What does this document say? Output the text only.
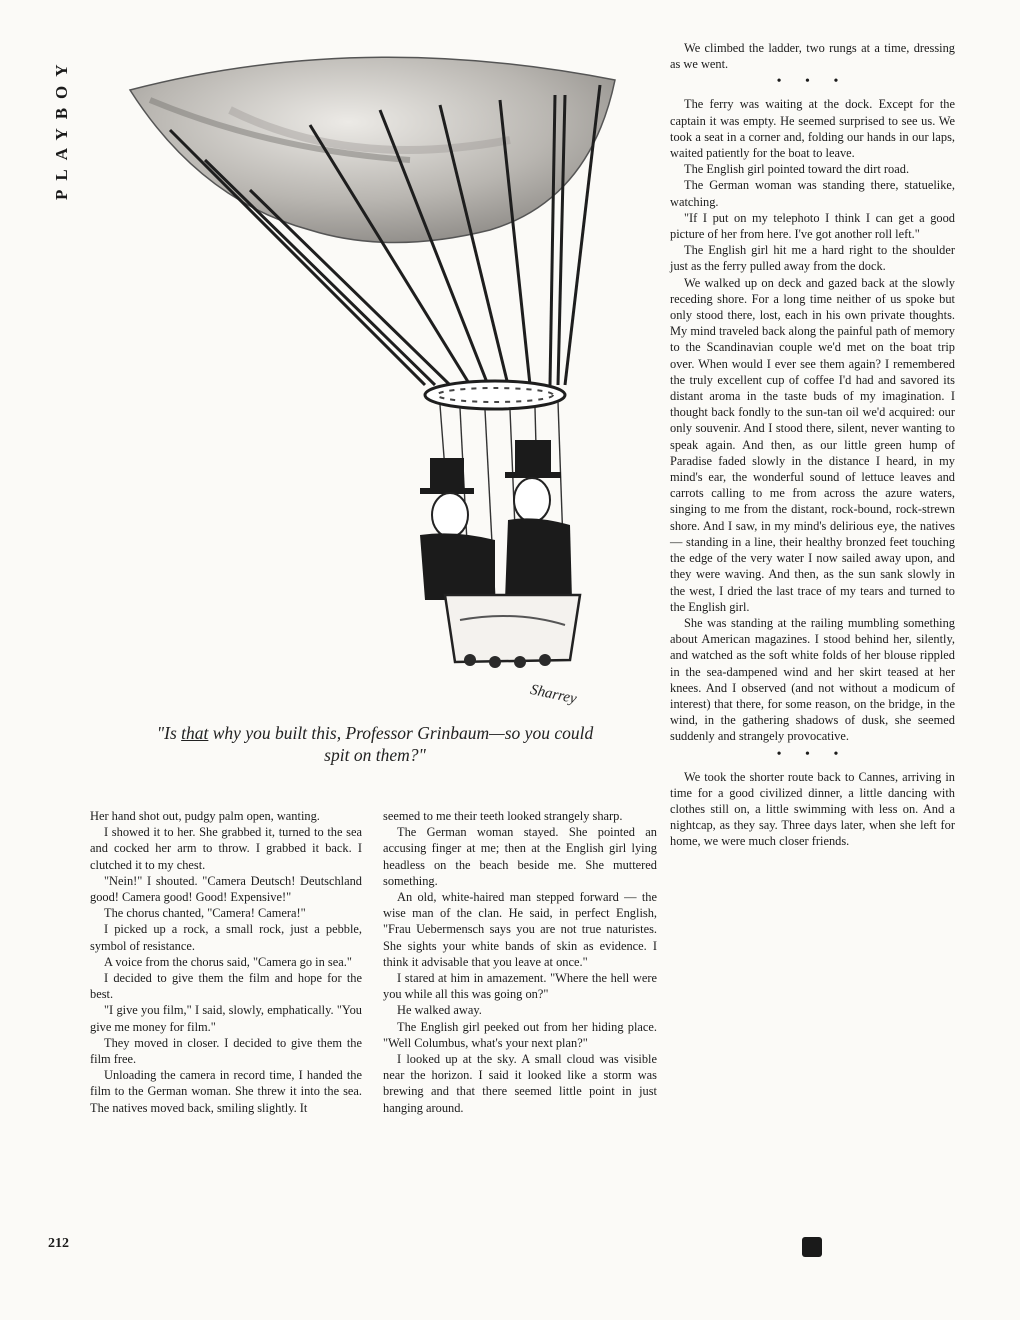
PLAYBOY
Sharrey
"Is that why you built this, Professor Grinbaum—so you could spit on them?"

Her hand shot out, pudgy palm open, wanting.

I showed it to her. She grabbed it, turned to the sea and cocked her arm to throw. I grabbed it back. I clutched it to my chest.

"Nein!" I shouted. "Camera Deutsch! Deutschland good! Camera good! Good! Expensive!"

The chorus chanted, "Camera! Camera!"

I picked up a rock, a small rock, just a pebble, symbol of resistance.

A voice from the chorus said, "Camera go in sea."

I decided to give them the film and hope for the best.

"I give you film," I said, slowly, emphatically. "You give me money for film."

They moved in closer. I decided to give them the film free.

Unloading the camera in record time, I handed the film to the German woman. She threw it into the sea. The natives moved back, smiling slightly. It

seemed to me their teeth looked strangely sharp.

The German woman stayed. She pointed an accusing finger at me; then at the English girl lying headless on the beach beside me. She muttered something.

An old, white-haired man stepped forward — the wise man of the clan. He said, in perfect English, "Frau Uebermensch says you are not true naturistes. She sights your white bands of skin as evidence. I think it advisable that you leave at once."

I stared at him in amazement. "Where the hell were you while all this was going on?"

He walked away.

The English girl peeked out from her hiding place. "Well Columbus, what's your next plan?"

I looked up at the sky. A small cloud was visible near the horizon. I said it looked like a storm was brewing and that there seemed little point in just hanging around.

We climbed the ladder, two rungs at a time, dressing as we went.

• • •

The ferry was waiting at the dock. Except for the captain it was empty. He seemed surprised to see us. We took a seat in a corner and, folding our hands in our laps, waited patiently for the boat to leave.

The English girl pointed toward the dirt road.

The German woman was standing there, statuelike, watching.

"If I put on my telephoto I think I can get a good picture of her from here. I've got another roll left."

The English girl hit me a hard right to the shoulder just as the ferry pulled away from the dock.

We walked up on deck and gazed back at the slowly receding shore. For a long time neither of us spoke but only stood there, lost, each in his own private thoughts. My mind traveled back along the painful path of memory to the Scandinavian couple we'd met on the boat trip over. When would I ever see them again? I remembered the truly excellent cup of coffee I'd had and savored its distant aroma in the taste buds of my imagination. I thought back fondly to the sun-tan oil we'd acquired: our only souvenir. And I stood there, silent, never wanting to speak again. And then, as our little green hump of Paradise faded slowly in the distance I heard, in my mind's ear, the wonderful sound of lettuce leaves and carrots calling to me from across the azure waters, singing to me from the distant, rock-bound, rock-strewn shore. And I saw, in my mind's delirious eye, the natives — standing in a line, their healthy bronzed feet touching the edge of the very water I now sailed away upon, and they were waving. And then, as the sun sank slowly in the west, I dried the last trace of my tears and turned to the English girl.

She was standing at the railing mumbling something about American magazines. I stood behind her, silently, and watched as the soft white folds of her blouse rippled in the sea-dampened wind and her skirt teased at her knees. And I observed (and not without a modicum of interest) that there, for some reason, on the bridge, in the wind, in the gathering shadows of dusk, she seemed suddenly and strangely provocative.

• • •

We took the shorter route back to Cannes, arriving in time for a good civilized dinner, a little dancing with clothes still on, a little swimming with less on. And a nightcap, as they say. Three days later, when she left for home, we were much closer friends.

212
